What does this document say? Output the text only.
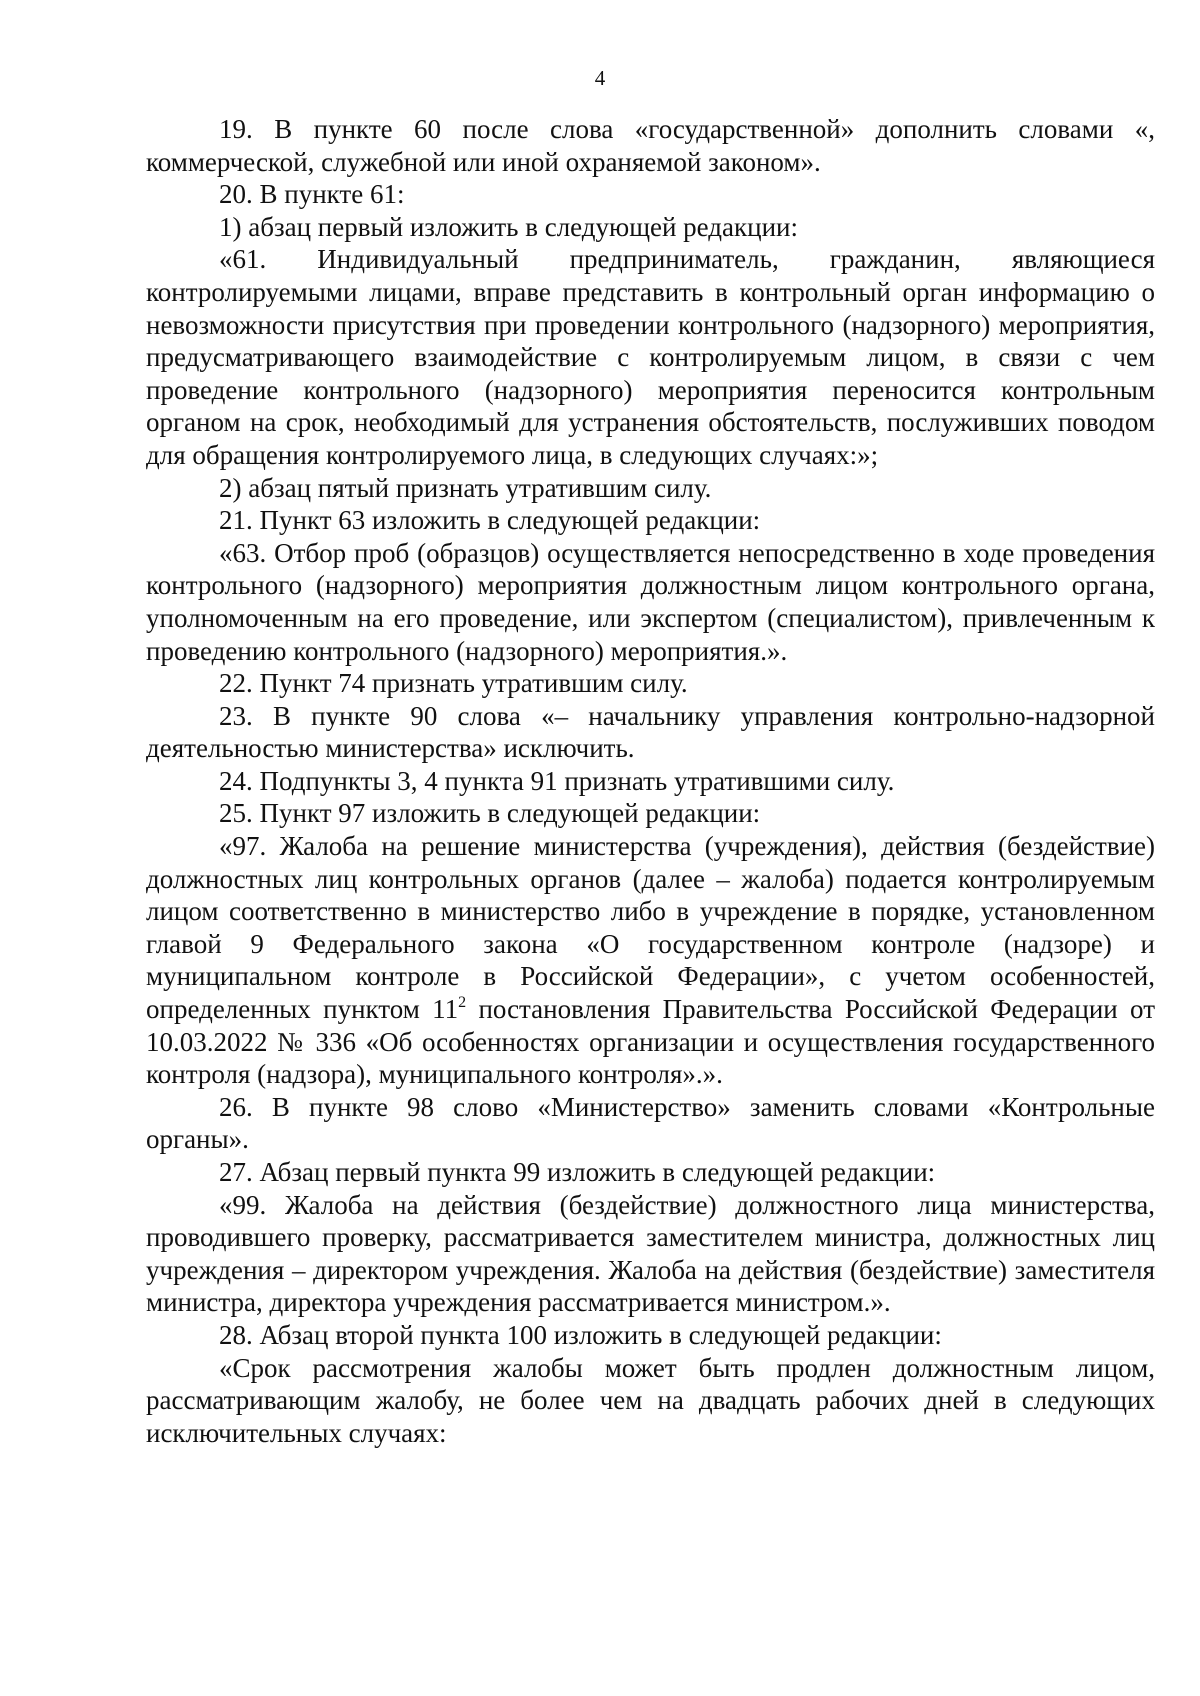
4

19. В пункте 60 после слова «государственной» дополнить словами «, коммерческой, служебной или иной охраняемой законом».

20. В пункте 61:

1) абзац первый изложить в следующей редакции:

«61. Индивидуальный предприниматель, гражданин, являющиеся контролируемыми лицами, вправе представить в контрольный орган информацию о невозможности присутствия при проведении контрольного (надзорного) мероприятия, предусматривающего взаимодействие с контролируемым лицом, в связи с чем проведение контрольного (надзорного) мероприятия переносится контрольным органом на срок, необходимый для устранения обстоятельств, послуживших поводом для обращения контролируемого лица, в следующих случаях:»;

2) абзац пятый признать утратившим силу.

21. Пункт 63 изложить в следующей редакции:

«63. Отбор проб (образцов) осуществляется непосредственно в ходе проведения контрольного (надзорного) мероприятия должностным лицом контрольного органа, уполномоченным на его проведение, или экспертом (специалистом), привлеченным к проведению контрольного (надзорного) мероприятия.».

22. Пункт 74 признать утратившим силу.

23. В пункте 90 слова «– начальнику управления контрольно-надзорной деятельностью министерства» исключить.

24. Подпункты 3, 4 пункта 91 признать утратившими силу.

25. Пункт 97 изложить в следующей редакции:

«97. Жалоба на решение министерства (учреждения), действия (бездействие) должностных лиц контрольных органов (далее – жалоба) подается контролируемым лицом соответственно в министерство либо в учреждение в порядке, установленном главой 9 Федерального закона «О государственном контроле (надзоре) и муниципальном контроле в Российской Федерации», с учетом особенностей, определенных пунктом $11^2$ постановления Правительства Российской Федерации от 10.03.2022 № 336 «Об особенностях организации и осуществления государственного контроля (надзора), муниципального контроля».».

26. В пункте 98 слово «Министерство» заменить словами «Контрольные органы».

27. Абзац первый пункта 99 изложить в следующей редакции:

«99. Жалоба на действия (бездействие) должностного лица министерства, проводившего проверку, рассматривается заместителем министра, должностных лиц учреждения – директором учреждения. Жалоба на действия (бездействие) заместителя министра, директора учреждения рассматривается министром.».

28. Абзац второй пункта 100 изложить в следующей редакции:

«Срок рассмотрения жалобы может быть продлен должностным лицом, рассматривающим жалобу, не более чем на двадцать рабочих дней в следующих исключительных случаях:
